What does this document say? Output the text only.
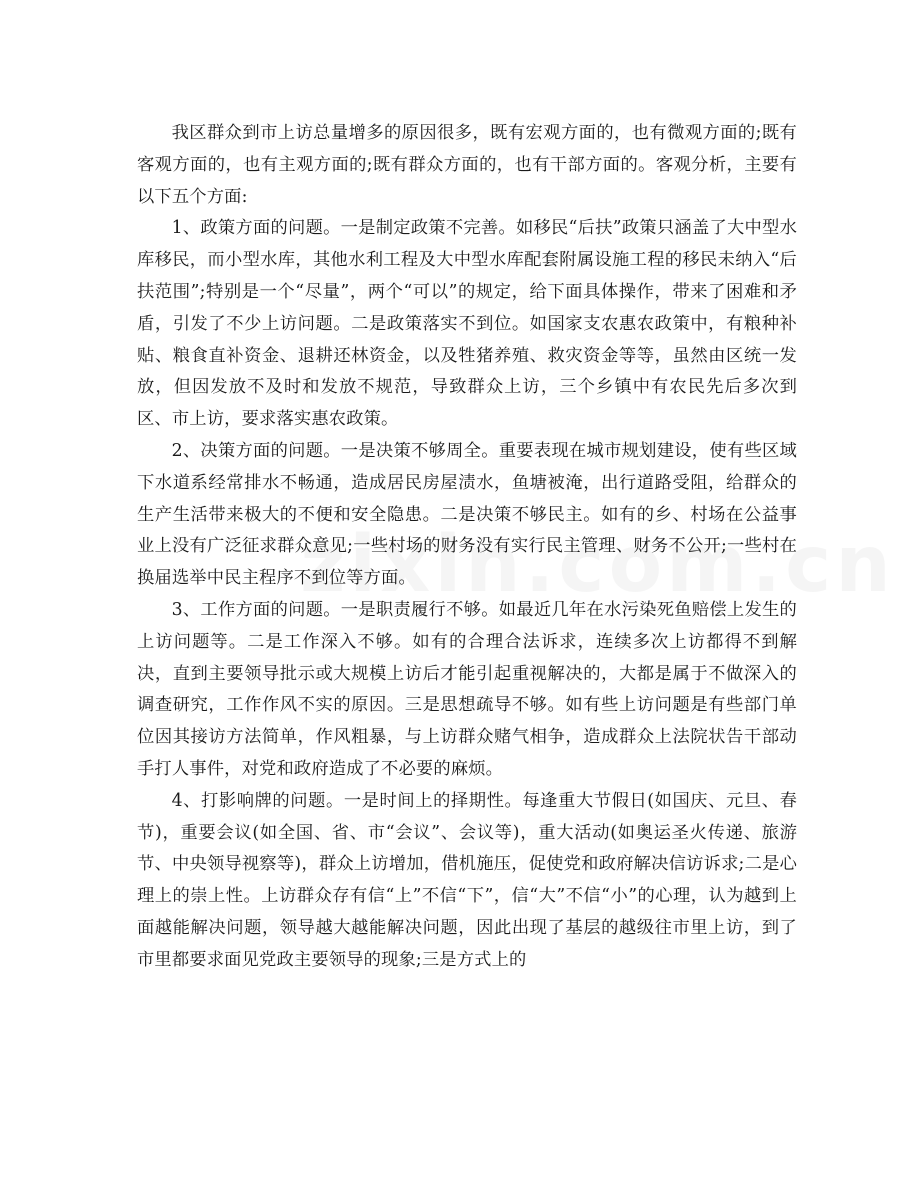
我区群众到市上访总量增多的原因很多，既有宏观方面的，也有微观方面的;既有客观方面的，也有主观方面的;既有群众方面的，也有干部方面的。客观分析，主要有以下五个方面:

1、政策方面的问题。一是制定政策不完善。如移民“后扶”政策只涵盖了大中型水库移民，而小型水库，其他水利工程及大中型水库配套附属设施工程的移民未纳入“后扶范围”;特别是一个“尽量”，两个“可以”的规定，给下面具体操作，带来了困难和矛盾，引发了不少上访问题。二是政策落实不到位。如国家支农惠农政策中，有粮种补贴、粮食直补资金、退耕还林资金，以及牲猪养殖、救灾资金等等，虽然由区统一发放，但因发放不及时和发放不规范，导致群众上访，三个乡镇中有农民先后多次到区、市上访，要求落实惠农政策。

2、决策方面的问题。一是决策不够周全。重要表现在城市规划建设，使有些区域下水道系经常排水不畅通，造成居民房屋渍水，鱼塘被淹，出行道路受阻，给群众的生产生活带来极大的不便和安全隐患。二是决策不够民主。如有的乡、村场在公益事业上没有广泛征求群众意见;一些村场的财务没有实行民主管理、财务不公开;一些村在换届选举中民主程序不到位等方面。

3、工作方面的问题。一是职责履行不够。如最近几年在水污染死鱼赔偿上发生的上访问题等。二是工作深入不够。如有的合理合法诉求，连续多次上访都得不到解决，直到主要领导批示或大规模上访后才能引起重视解决的，大都是属于不做深入的调查研究，工作作风不实的原因。三是思想疏导不够。如有些上访问题是有些部门单位因其接访方法简单，作风粗暴，与上访群众赌气相争，造成群众上法院状告干部动手打人事件，对党和政府造成了不必要的麻烦。

4、打影响牌的问题。一是时间上的择期性。每逢重大节假日(如国庆、元旦、春节)，重要会议(如全国、省、市“会议”、会议等)，重大活动(如奥运圣火传递、旅游节、中央领导视察等)，群众上访增加，借机施压，促使党和政府解决信访诉求;二是心理上的崇上性。上访群众存有信“上”不信“下”，信“大”不信“小”的心理，认为越到上面越能解决问题，领导越大越能解决问题，因此出现了基层的越级往市里上访，到了市里都要求面见党政主要领导的现象;三是方式上的
